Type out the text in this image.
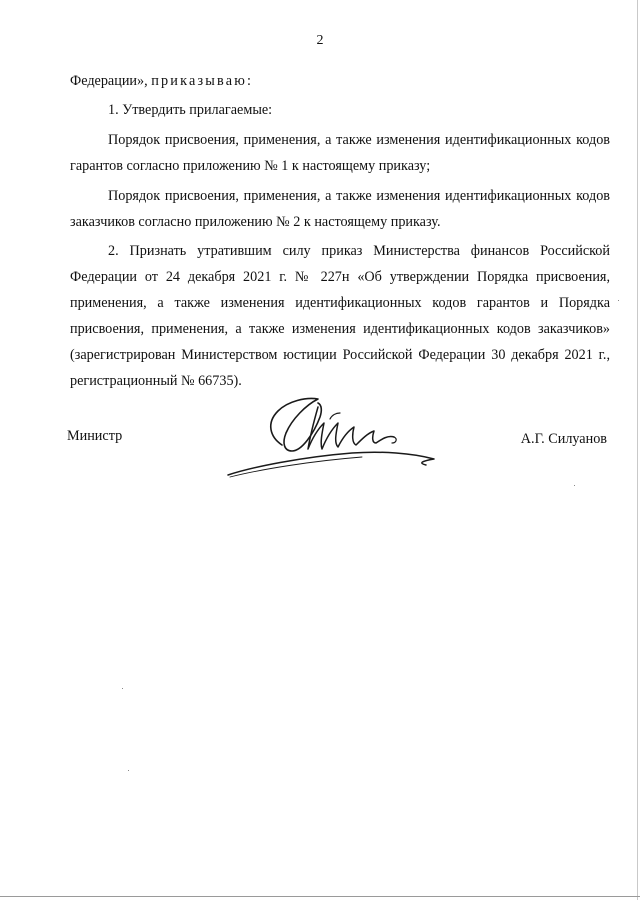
2

Федерации», приказываю:

1. Утвердить прилагаемые:

Порядок присвоения, применения, а также изменения идентификационных кодов гарантов согласно приложению № 1 к настоящему приказу;

Порядок присвоения, применения, а также изменения идентификационных кодов заказчиков согласно приложению № 2 к настоящему приказу.

2. Признать утратившим силу приказ Министерства финансов Российской Федерации от 24 декабря 2021 г. № 227н «Об утверждении Порядка присвоения, применения, а также изменения идентификационных кодов гарантов и Порядка присвоения, применения, а также изменения идентификационных кодов заказчиков» (зарегистрирован Министерством юстиции Российской Федерации 30 декабря 2021 г., регистрационный № 66735).

Министр	А.Г. Силуанов
